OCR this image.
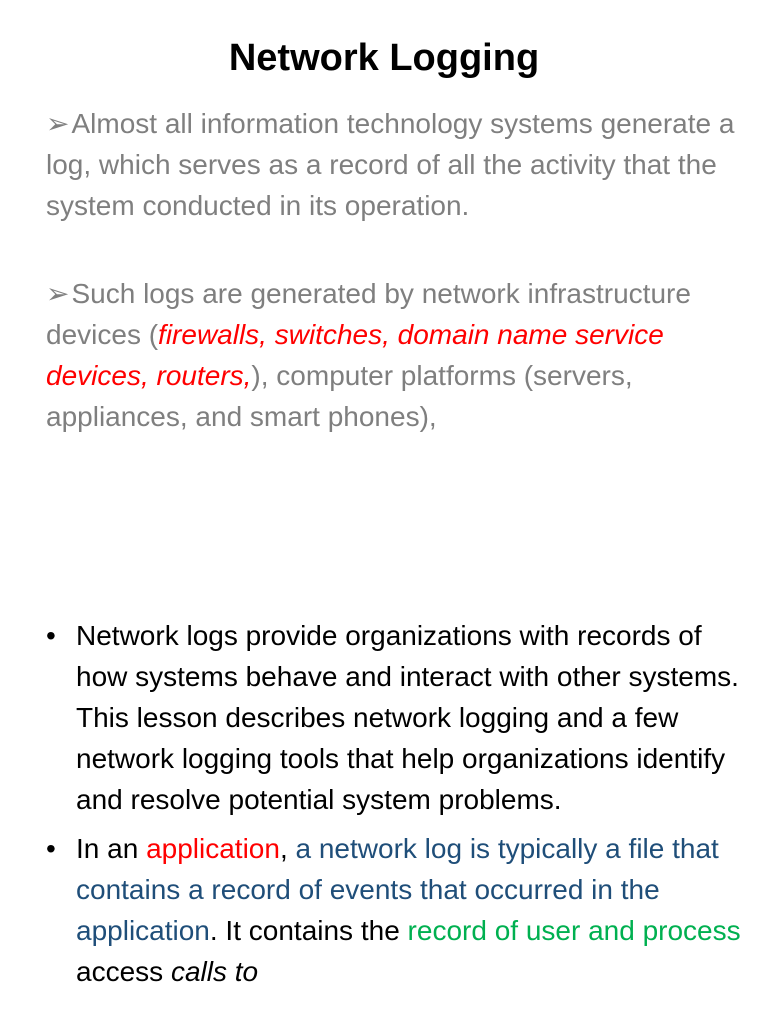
Network Logging
➢Almost all information technology systems generate a log, which serves as a record of all the activity that the system conducted in its operation.
➢Such logs are generated by network infrastructure devices (firewalls, switches, domain name service devices, routers,), computer platforms (servers, appliances, and smart phones),
• Network logs provide organizations with records of how systems behave and interact with other systems. This lesson describes network logging and a few network logging tools that help organizations identify and resolve potential system problems.
• In an application, a network log is typically a file that contains a record of events that occurred in the application. It contains the record of user and process access calls to
